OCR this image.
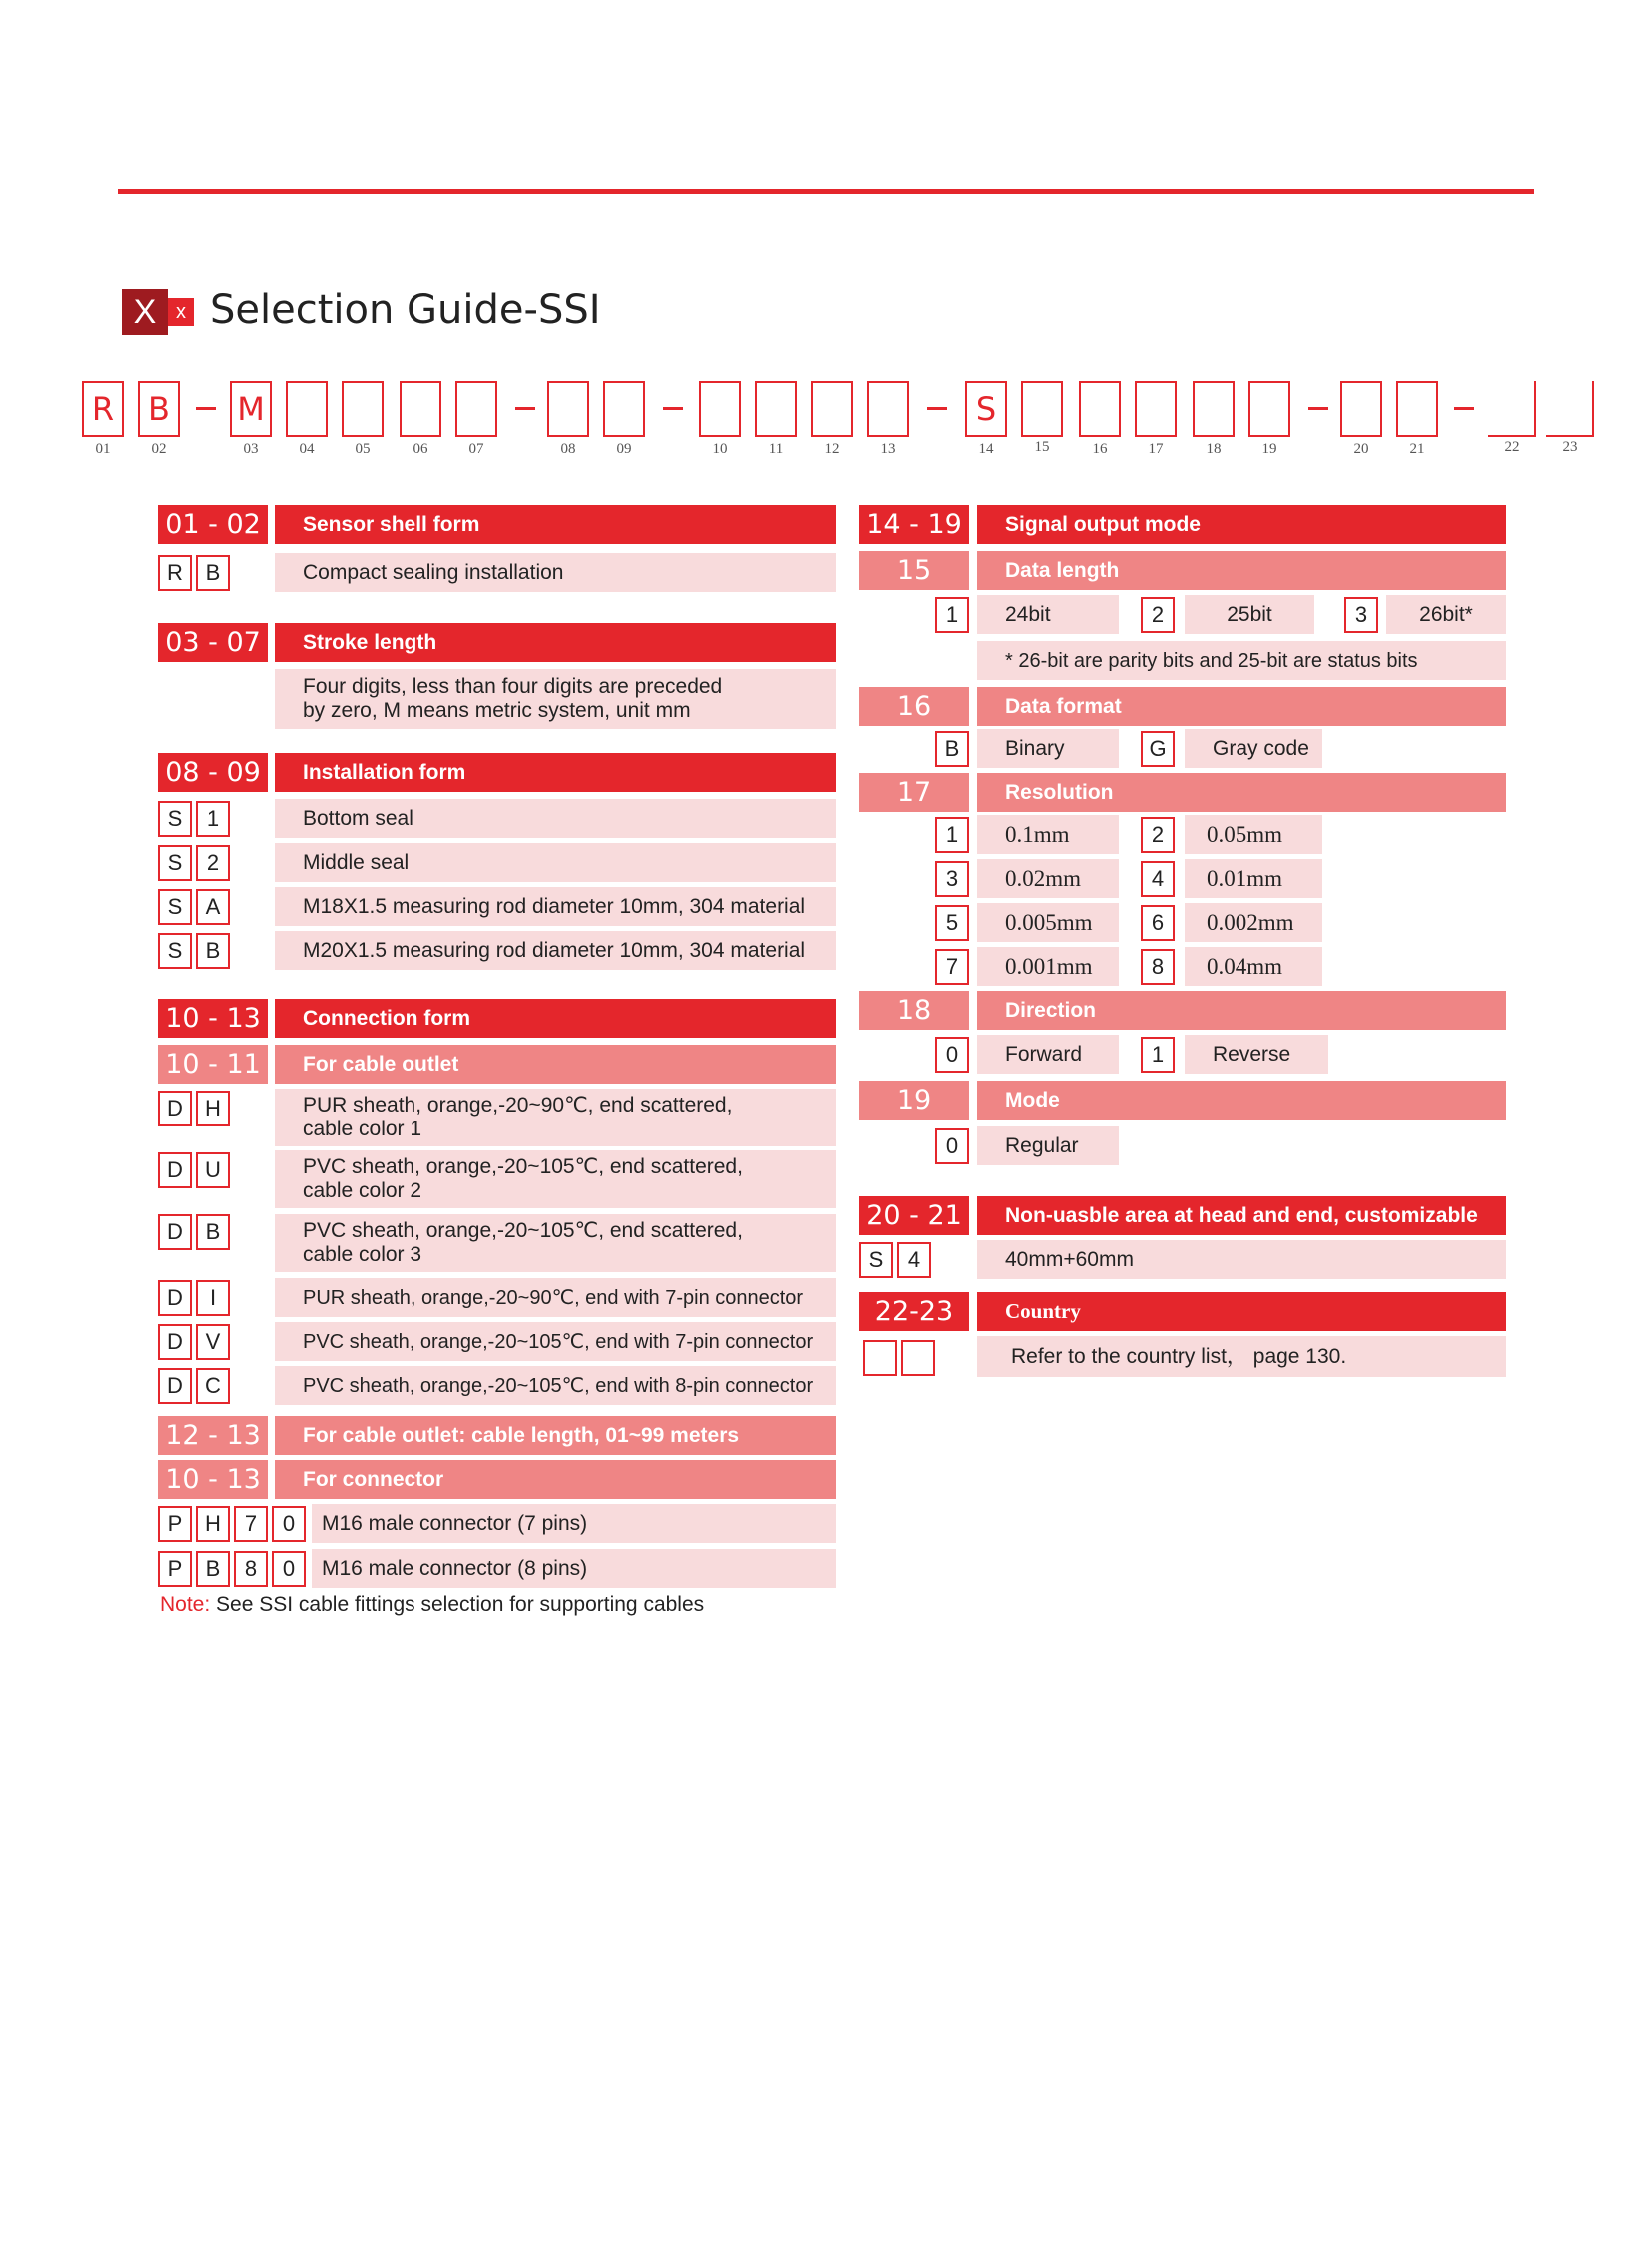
X x Selection Guide-SSI
R	B	M	S
01	02	03	04	05	06	07	08	09	10	11	12	13	14	15	16	17	18	19	20	21	22	23
01 - 02	Sensor shell form
R	B	Compact sealing installation
03 - 07	Stroke length
Four digits, less than four digits are preceded
by zero, M means metric system, unit mm
08 - 09	Installation form
S	1	Bottom seal
S	2	Middle seal
S	A	M18X1.5 measuring rod diameter 10mm, 304 material
S	B	M20X1.5 measuring rod diameter 10mm, 304 material
10 - 13	Connection form
10 - 11	For cable outlet
D	H	PUR sheath, orange,-20~90℃, end scattered,
cable color 1
D	U	PVC sheath, orange,-20~105℃, end scattered,
cable color 2
D	B	PVC sheath, orange,-20~105℃, end scattered,
cable color 3
D	I	PUR sheath, orange,-20~90℃, end with 7-pin connector
D	V	PVC sheath, orange,-20~105℃, end with 7-pin connector
D	C	PVC sheath, orange,-20~105℃, end with 8-pin connector
12 - 13	For cable outlet: cable length, 01~99 meters
10 - 13	For connector
P	H	7	0	M16 male connector (7 pins)
P	B	8	0	M16 male connector (8 pins)
Note: See SSI cable fittings selection for supporting cables
14 - 19	Signal output mode
15	Data length
1	24bit	2	25bit	3	26bit*
* 26-bit are parity bits and 25-bit are status bits
16	Data format
B	Binary	G	Gray code
17	Resolution
1	0.1mm	2	0.05mm
3	0.02mm	4	0.01mm
5	0.005mm	6	0.002mm
7	0.001mm	8	0.04mm
18	Direction
0	Forward	1	Reverse
19	Mode
0	Regular
20 - 21	Non-uasble area at head and end, customizable
S	4	40mm+60mm
22-23	Country
Refer to the country list， page 130.
